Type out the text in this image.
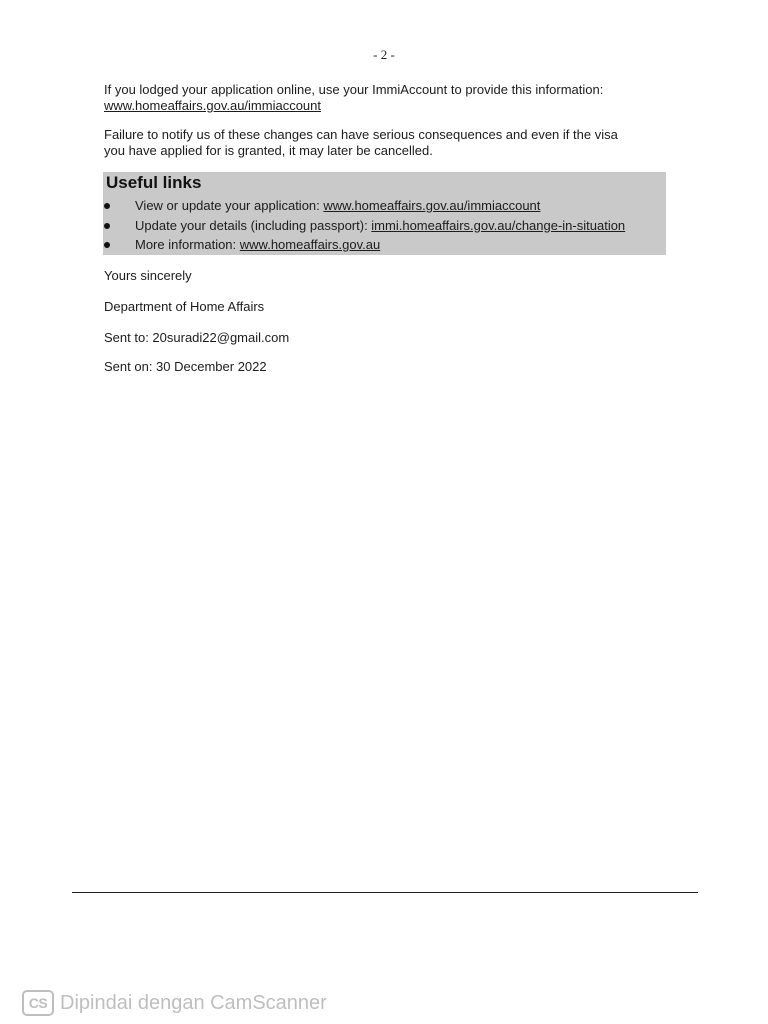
- 2 -
If you lodged your application online, use your ImmiAccount to provide this information:
www.homeaffairs.gov.au/immiaccount
Failure to notify us of these changes can have serious consequences and even if the visa
you have applied for is granted, it may later be cancelled.
Useful links
View or update your application: www.homeaffairs.gov.au/immiaccount
Update your details (including passport): immi.homeaffairs.gov.au/change-in-situation
More information: www.homeaffairs.gov.au
Yours sincerely
Department of Home Affairs
Sent to: 20suradi22@gmail.com
Sent on: 30 December 2022
CS Dipindai dengan CamScanner
